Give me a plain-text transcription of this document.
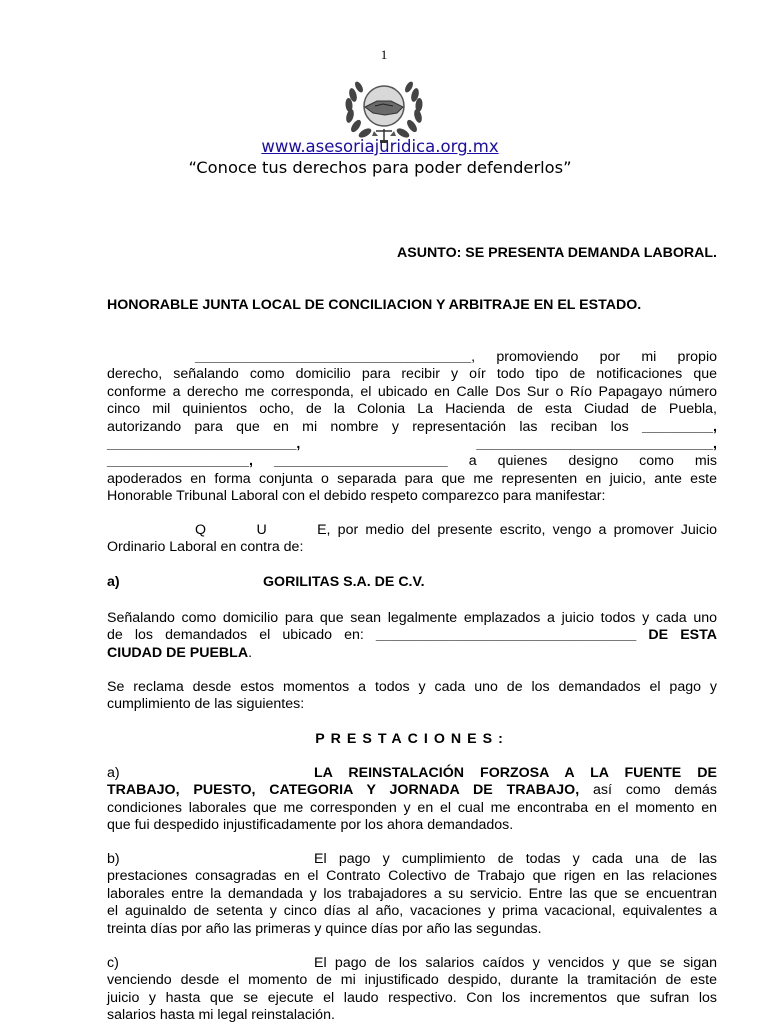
1
www.asesoriajuridica.org.mx
“Conoce tus derechos para poder defenderlos”

ASUNTO: SE PRESENTA DEMANDA LABORAL.

HONORABLE JUNTA LOCAL DE CONCILIACION Y ARBITRAJE EN EL ESTADO.

___________________________________, promoviendo por mi propio
derecho, señalando como domicilio para recibir y oír todo tipo de notificaciones que
conforme a derecho me corresponda, el ubicado en Calle Dos Sur o Río Papagayo número
cinco mil quinientos ocho, de la Colonia La Hacienda de esta Ciudad de Puebla,
autorizando para que en mi nombre y representación las reciban los _________,
________________________,	______________________________,
__________________, ______________________ a quienes designo como mis
apoderados en forma conjunta o separada para que me representen en juicio, ante este
Honorable Tribunal Laboral con el debido respeto comparezco para manifestar:
Q	U	E, por medio del presente escrito, vengo a promover Juicio
Ordinario Laboral en contra de:
a)	GORILITAS S.A. DE C.V.
Señalando como domicilio para que sean legalmente emplazados a juicio todos y cada uno
de los demandados el ubicado en: _________________________________ DE ESTA
CIUDAD DE PUEBLA.
Se reclama desde estos momentos a todos y cada uno de los demandados el pago y
cumplimiento de las siguientes:

PRESTACIONES:

a)	LA REINSTALACIÓN FORZOSA A LA FUENTE DE
TRABAJO, PUESTO, CATEGORIA Y JORNADA DE TRABAJO, así como demás
condiciones laborales que me corresponden y en el cual me encontraba en el momento en
que fui despedido injustificadamente por los ahora demandados.
b)	El pago y cumplimiento de todas y cada una de las
prestaciones consagradas en el Contrato Colectivo de Trabajo que rigen en las relaciones
laborales entre la demandada y los trabajadores a su servicio. Entre las que se encuentran
el aguinaldo de setenta y cinco días al año, vacaciones y prima vacacional, equivalentes a
treinta días por año las primeras y quince días por año las segundas.
c)	El pago de los salarios caídos y vencidos y que se sigan
venciendo desde el momento de mi injustificado despido, durante la tramitación de este
juicio y hasta que se ejecute el laudo respectivo. Con los incrementos que sufran los
salarios hasta mi legal reinstalación.
